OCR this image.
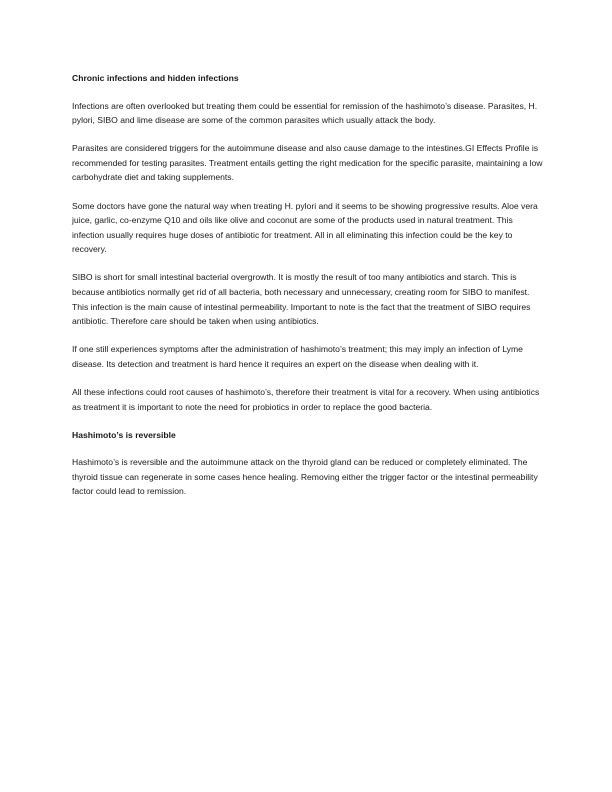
Chronic infections and hidden infections

Infections are often overlooked but treating them could be essential for remission of the hashimoto’s disease. Parasites, H. pylori, SIBO and lime disease are some of the common parasites which usually attack the body.

Parasites are considered triggers for the autoimmune disease and also cause damage to the intestines.GI Effects Profile is recommended for testing parasites. Treatment entails getting the right medication for the specific parasite, maintaining a low carbohydrate diet and taking supplements.

Some doctors have gone the natural way when treating H. pylori and it seems to be showing progressive results. Aloe vera juice, garlic, co-enzyme Q10 and oils like olive and coconut are some of the products used in natural treatment. This infection usually requires huge doses of antibiotic for treatment. All in all eliminating this infection could be the key to recovery.

SIBO is short for small intestinal bacterial overgrowth. It is mostly the result of too many antibiotics and starch. This is because antibiotics normally get rid of all bacteria, both necessary and unnecessary, creating room for SIBO to manifest. This infection is the main cause of intestinal permeability. Important to note is the fact that the treatment of SIBO requires antibiotic. Therefore care should be taken when using antibiotics.

If one still experiences symptoms after the administration of hashimoto’s treatment; this may imply an infection of Lyme disease. Its detection and treatment is hard hence it requires an expert on the disease when dealing with it.

All these infections could root causes of hashimoto’s, therefore their treatment is vital for a recovery. When using antibiotics as treatment it is important to note the need for probiotics in order to replace the good bacteria.

Hashimoto’s is reversible

Hashimoto’s is reversible and the autoimmune attack on the thyroid gland can be reduced or completely eliminated. The thyroid tissue can regenerate in some cases hence healing. Removing either the trigger factor or the intestinal permeability factor could lead to remission.
